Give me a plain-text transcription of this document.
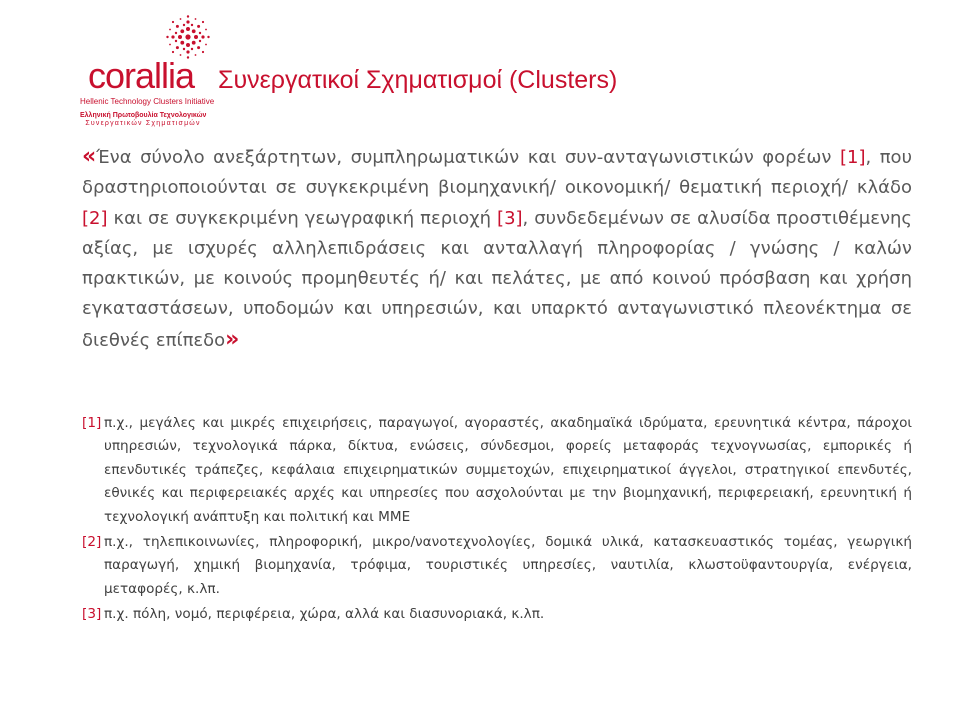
corallia
Hellenic Technology Clusters Initiative
Ελληνική Πρωτοβουλία Τεχνολογικών
Συνεργατικών Σχηματισμών
Συνεργατικοί Σχηματισμοί (Clusters)
«Ένα σύνολο ανεξάρτητων, συμπληρωματικών και συν-ανταγωνιστικών φορέων [1], που δραστηριοποιούνται σε συγκεκριμένη βιομηχανική/ οικονομική/ θεματική περιοχή/ κλάδο [2] και σε συγκεκριμένη γεωγραφική περιοχή [3], συνδεδεμένων σε αλυσίδα προστιθέμενης αξίας, με ισχυρές αλληλεπιδράσεις και ανταλλαγή πληροφορίας / γνώσης / καλών πρακτικών, με κοινούς προμηθευτές ή/ και πελάτες, με από κοινού πρόσβαση και χρήση εγκαταστάσεων, υποδομών και υπηρεσιών, και υπαρκτό ανταγωνιστικό πλεονέκτημα σε διεθνές επίπεδο»
[1] π.χ., μεγάλες και μικρές επιχειρήσεις, παραγωγοί, αγοραστές, ακαδημαϊκά ιδρύματα, ερευνητικά κέντρα, πάροχοι υπηρεσιών, τεχνολογικά πάρκα, δίκτυα, ενώσεις, σύνδεσμοι, φορείς μεταφοράς τεχνογνωσίας, εμπορικές ή επενδυτικές τράπεζες, κεφάλαια επιχειρηματικών συμμετοχών, επιχειρηματικοί άγγελοι, στρατηγικοί επενδυτές, εθνικές και περιφερειακές αρχές και υπηρεσίες που ασχολούνται με την βιομηχανική, περιφερειακή, ερευνητική ή τεχνολογική ανάπτυξη και πολιτική και ΜΜΕ
[2] π.χ., τηλεπικοινωνίες, πληροφορική, μικρο/νανοτεχνολογίες, δομικά υλικά, κατασκευαστικός τομέας, γεωργική παραγωγή, χημική βιομηχανία, τρόφιμα, τουριστικές υπηρεσίες, ναυτιλία, κλωστοϋφαντουργία, ενέργεια, μεταφορές, κ.λπ.
[3] π.χ. πόλη, νομό, περιφέρεια, χώρα, αλλά και διασυνοριακά, κ.λπ.
